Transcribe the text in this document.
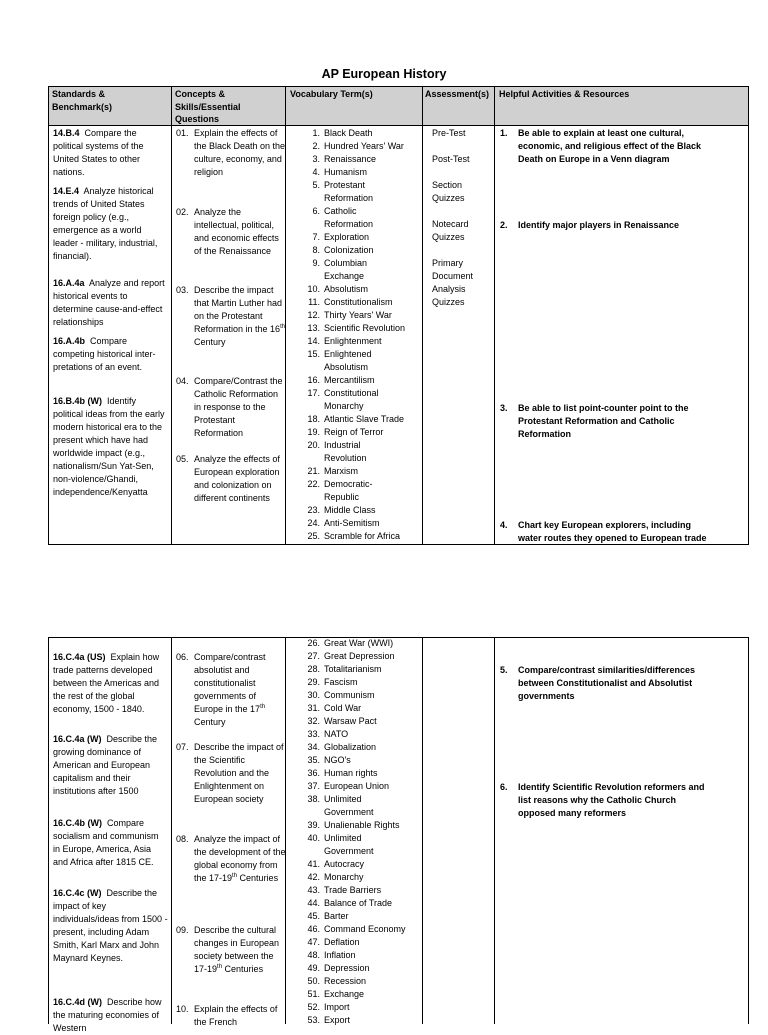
AP European History
Standards & Benchmark(s)
Concepts & Skills/Essential Questions
Vocabulary Term(s)	Assessment(s)	Helpful Activities & Resources
14.B.4 Compare the political systems of the United States to other nations.
14.E.4 Analyze historical trends of United States foreign policy (e.g., emergence as a world leader - military, industrial, financial).
16.A.4a Analyze and report historical events to determine cause-and-effect relationships
16.A.4b Compare competing historical inter-pretations of an event.
16.B.4b (W) Identify political ideas from the early modern historical era to the present which have had worldwide impact (e.g., nationalism/Sun Yat-Sen, non-violence/Ghandi, independence/Kenyatta
01. Explain the effects of the Black Death on the culture, economy, and religion
02. Analyze the intellectual, political, and economic effects of the Renaissance
03. Describe the impact that Martin Luther had on the Protestant Reformation in the 16th Century
04. Compare/Contrast the Catholic Reformation in response to the Protestant Reformation
05. Analyze the effects of European exploration and colonization on different continents
1. Black Death
2. Hundred Years' War
3. Renaissance
4. Humanism
5. Protestant
Reformation
6. Catholic
Reformation
7. Exploration
8. Colonization
9. Columbian
Exchange
10. Absolutism
11. Constitutionalism
12. Thirty Years' War
13. Scientific Revolution
14. Enlightenment
15. Enlightened
Absolutism
16. Mercantilism
17. Constitutional
Monarchy
18. Atlantic Slave Trade
19. Reign of Terror
20. Industrial
Revolution
21. Marxism
22. Democratic-
Republic
23. Middle Class
24. Anti-Semitism
25. Scramble for Africa
Pre-Test
Post-Test
Section Quizzes
Notecard Quizzes
Primary Document Analysis Quizzes
1. Be able to explain at least one cultural, economic, and religious effect of the Black Death on Europe in a Venn diagram
2. Identify major players in Renaissance
3. Be able to list point-counter point to the Protestant Reformation and Catholic Reformation
4. Chart key European explorers, including water routes they opened to European trade
16.C.4a (US) Explain how trade patterns developed between the Americas and the rest of the global economy, 1500 - 1840.
16.C.4a (W) Describe the growing dominance of American and European capitalism and their institutions after 1500
16.C.4b (W) Compare socialism and communism in Europe, America, Asia and Africa after 1815 CE.
16.C.4c (W) Describe the impact of key individuals/ideas from 1500 - present, including Adam Smith, Karl Marx and John Maynard Keynes.
16.C.4d (W) Describe how the maturing economies of Western
06. Compare/contrast absolutist and constitutionalist governments of Europe in the 17th Century
07. Describe the impact of the Scientific Revolution and the Enlightenment on European society
08. Analyze the impact of the development of the global economy from the 17-19th Centuries
09. Describe the cultural changes in European society between the 17-19th Centuries
10. Explain the effects of the French
26. Great War (WWI)
27. Great Depression
28. Totalitarianism
29. Fascism
30. Communism
31. Cold War
32. Warsaw Pact
33. NATO
34. Globalization
35. NGO's
36. Human rights
37. European Union
38. Unlimited
Government
39. Unalienable Rights
40. Unlimited
Government
41. Autocracy
42. Monarchy
43. Trade Barriers
44. Balance of Trade
45. Barter
46. Command Economy
47. Deflation
48. Inflation
49. Depression
50. Recession
51. Exchange
52. Import
53. Export
5. Compare/contrast similarities/differences between Constitutionalist and Absolutist governments
6. Identify Scientific Revolution reformers and list reasons why the Catholic Church opposed many reformers
